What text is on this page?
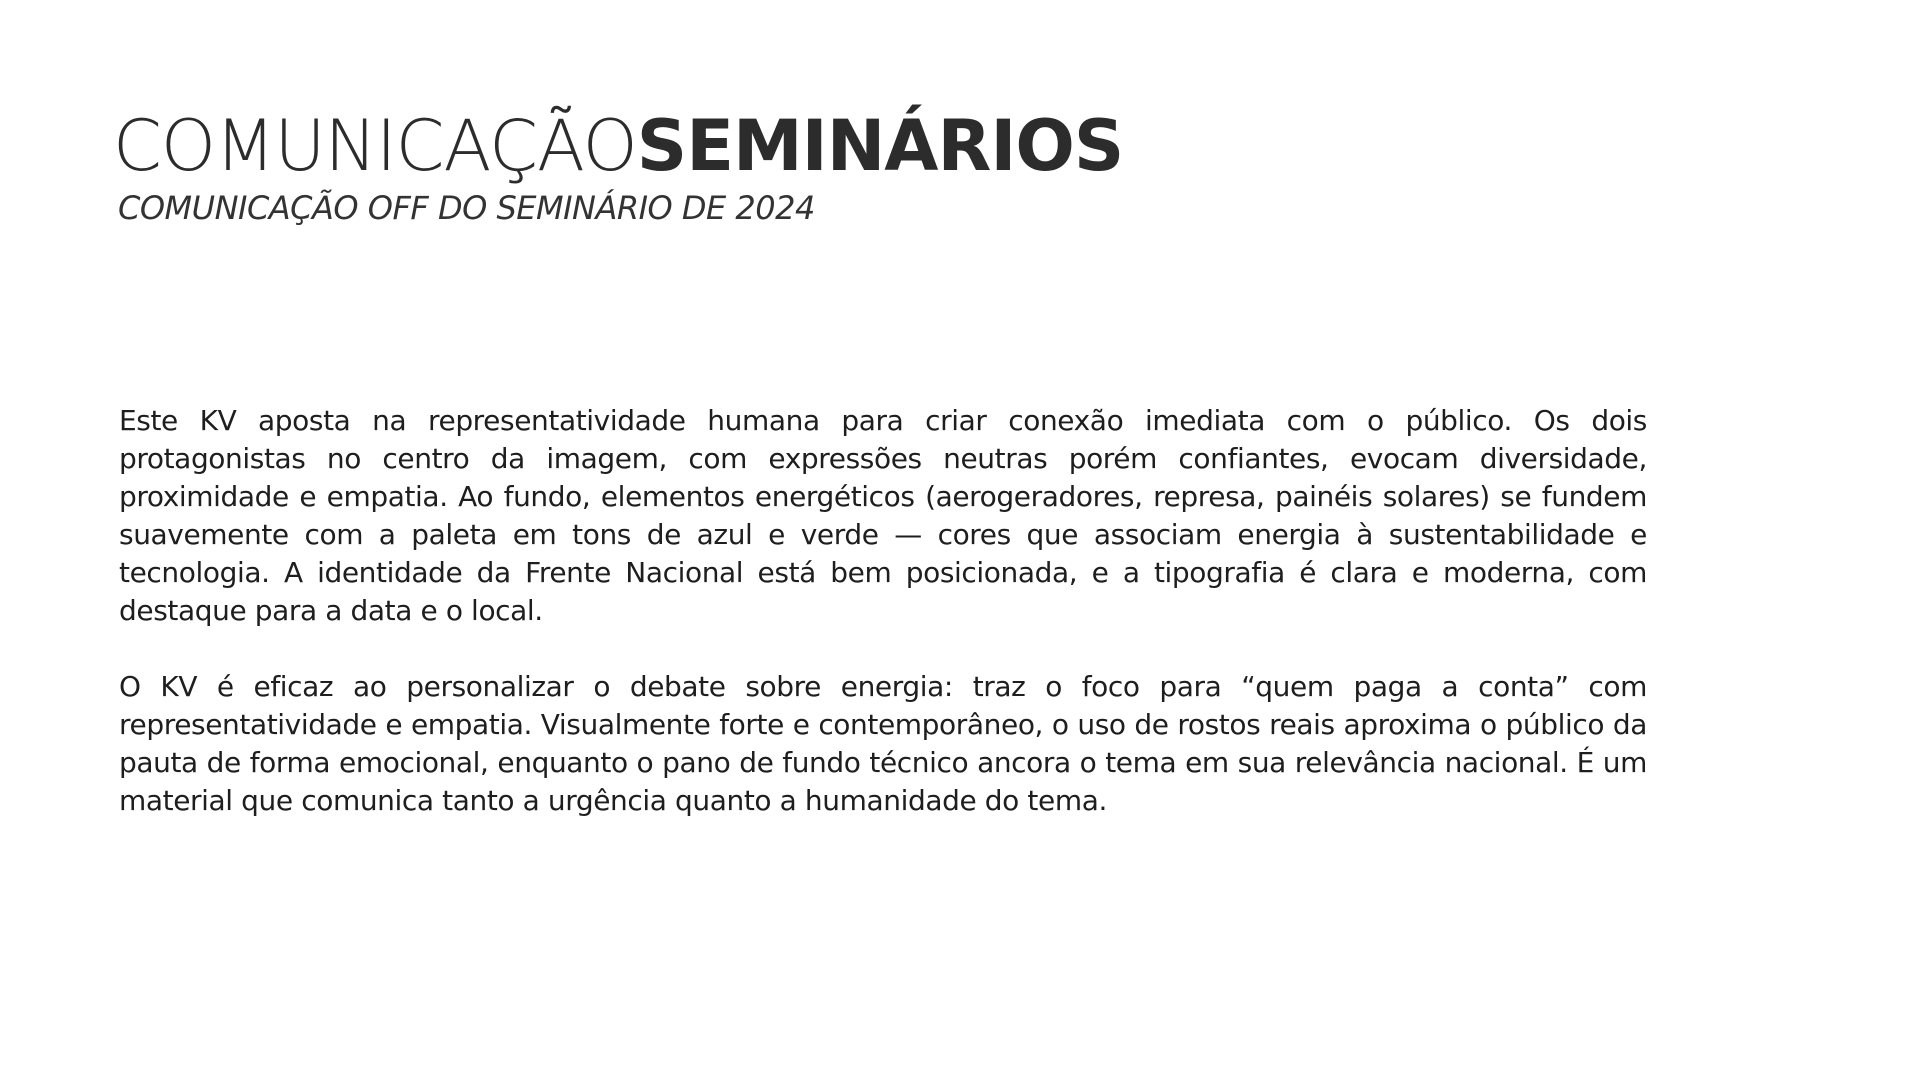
COMUNICAÇÃOSEMINÁRIOS
COMUNICAÇÃO OFF DO SEMINÁRIO DE 2024

Este KV aposta na representatividade humana para criar conexão imediata com o público. Os dois protagonistas no centro da imagem, com expressões neutras porém confiantes, evocam diversidade, proximidade e empatia. Ao fundo, elementos energéticos (aerogeradores, represa, painéis solares) se fundem suavemente com a paleta em tons de azul e verde — cores que associam energia à sustentabilidade e tecnologia. A identidade da Frente Nacional está bem posicionada, e a tipografia é clara e moderna, com destaque para a data e o local.

O KV é eficaz ao personalizar o debate sobre energia: traz o foco para “quem paga a conta” com representatividade e empatia. Visualmente forte e contemporâneo, o uso de rostos reais aproxima o público da pauta de forma emocional, enquanto o pano de fundo técnico ancora o tema em sua relevância nacional. É um material que comunica tanto a urgência quanto a humanidade do tema.
